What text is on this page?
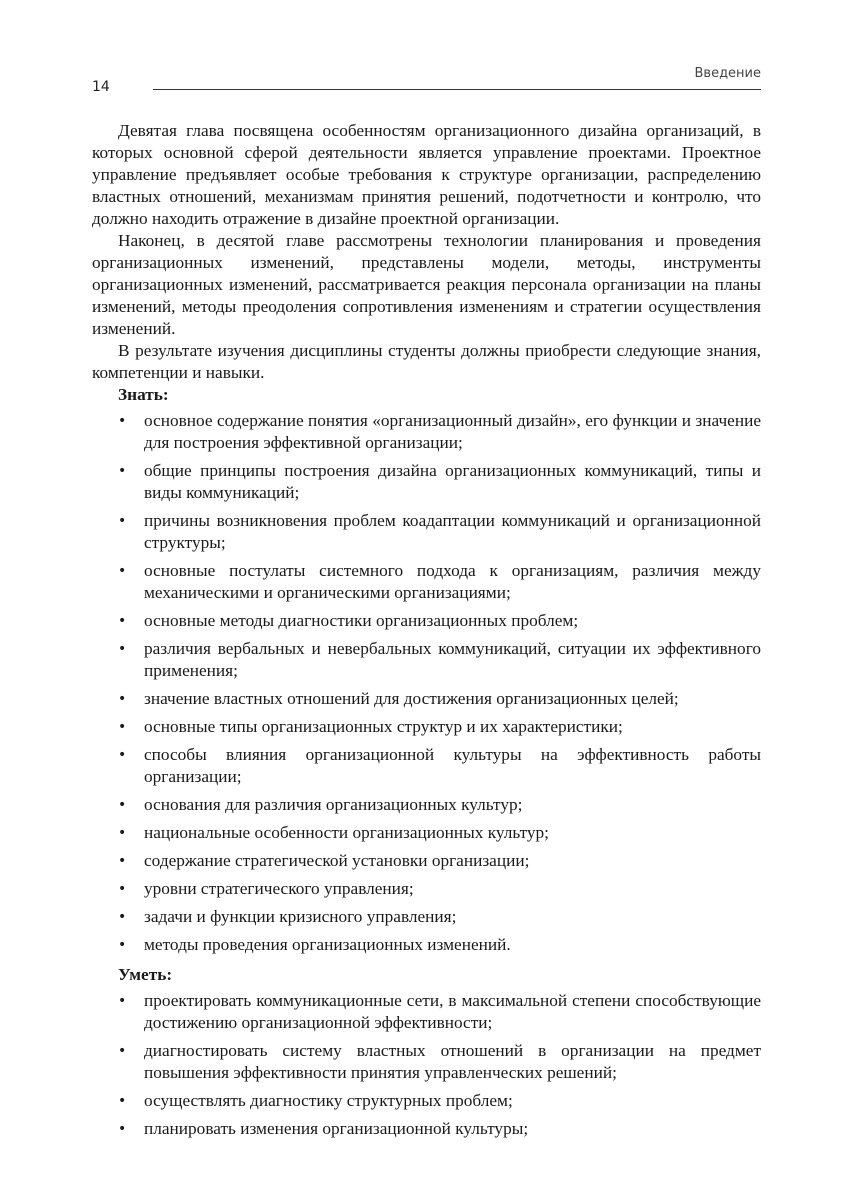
14
Введение

Девятая глава посвящена особенностям организационного дизайна организаций, в которых основной сферой деятельности является управление проектами. Проектное управление предъявляет особые требования к структуре организации, распределению властных отношений, механизмам принятия решений, подотчетности и контролю, что должно находить отражение в дизайне проектной организации.

Наконец, в десятой главе рассмотрены технологии планирования и проведения организационных изменений, представлены модели, методы, инструменты организационных изменений, рассматривается реакция персонала организации на планы изменений, методы преодоления сопротивления изменениям и стратегии осуществления изменений.

В результате изучения дисциплины студенты должны приобрести следующие знания, компетенции и навыки.

Знать:
• основное содержание понятия «организационный дизайн», его функции и значение для построения эффективной организации;
• общие принципы построения дизайна организационных коммуникаций, типы и виды коммуникаций;
• причины возникновения проблем коадаптации коммуникаций и организационной структуры;
• основные постулаты системного подхода к организациям, различия между механическими и органическими организациями;
• основные методы диагностики организационных проблем;
• различия вербальных и невербальных коммуникаций, ситуации их эффективного применения;
• значение властных отношений для достижения организационных целей;
• основные типы организационных структур и их характеристики;
• способы влияния организационной культуры на эффективность работы организации;
• основания для различия организационных культур;
• национальные особенности организационных культур;
• содержание стратегической установки организации;
• уровни стратегического управления;
• задачи и функции кризисного управления;
• методы проведения организационных изменений.
Уметь:
• проектировать коммуникационные сети, в максимальной степени способствующие достижению организационной эффективности;
• диагностировать систему властных отношений в организации на предмет повышения эффективности принятия управленческих решений;
• осуществлять диагностику структурных проблем;
• планировать изменения организационной культуры;
